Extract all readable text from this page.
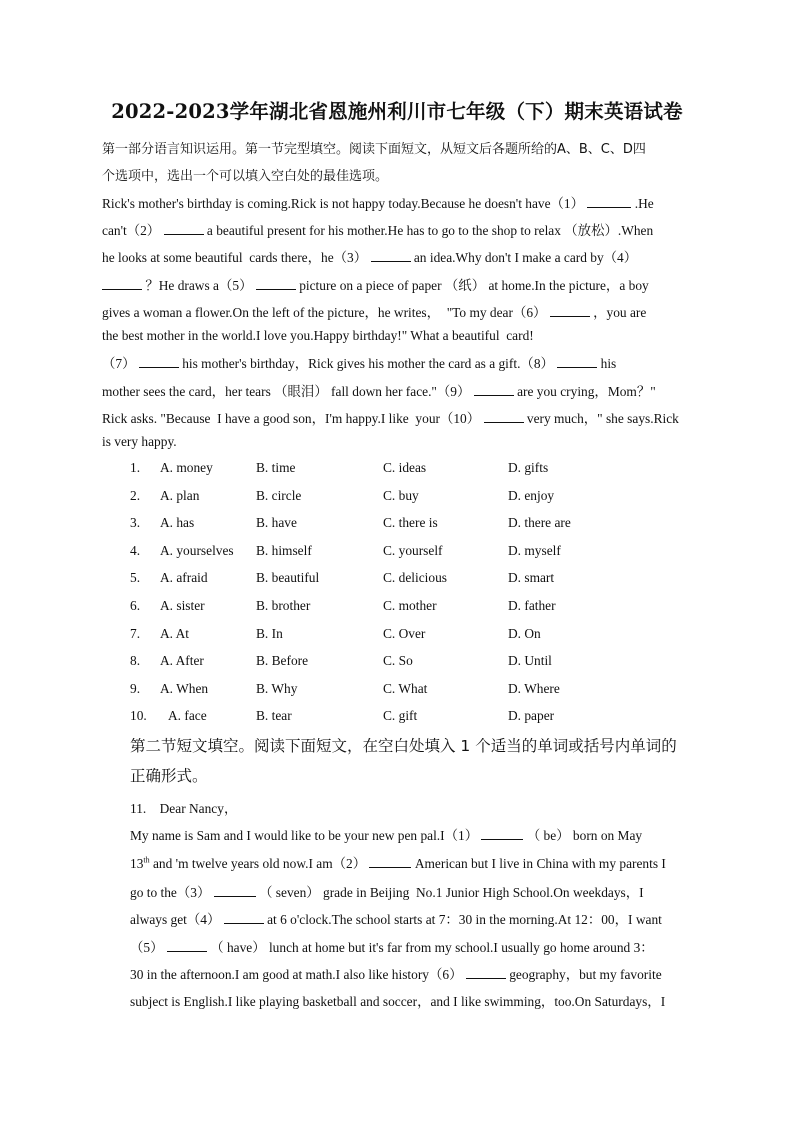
2022-2023学年湖北省恩施州利川市七年级（下）期末英语试卷
第一部分语言知识运用。第一节完型填空。阅读下面短文，从短文后各题所给的A、B、C、D四
个选项中，选出一个可以填入空白处的最佳选项。
Rick's mother's birthday is coming.Rick is not happy today.Because he doesn't have（1）	.He
can't（2）	a beautiful present for his mother.He has to go to the shop to relax （放松）.When
he looks at some beautiful  cards there，he（3）	an idea.Why don't I make a card by（4）
？He draws a（5）	picture on a piece of paper （纸） at home.In the picture，a boy
gives a woman a flower.On the left of the picture，he writes，  "To my dear（6）	，you are
the best mother in the world.I love you.Happy birthday!" What a beautiful  card!
（7）	his mother's birthday，Rick gives his mother the card as a gift.（8）	his
mother sees the card，her tears （眼泪） fall down her face."（9）	are you crying，Mom？"
Rick asks. "Because  I have a good son，I'm happy.I like  your（10）	very much，" she says.Rick
is very happy.
1. A. money	B. time	C. ideas	D. gifts
2. A. plan	B. circle	C. buy	D. enjoy
3. A. has	B. have	C. there is	D. there are
4. A. yourselves B. himself	C. yourself	D. myself
5. A. afraid	B. beautiful	C. delicious	D. smart
6. A. sister	B. brother	C. mother	D. father
7. A. At	B. In	C. Over	D. On
8. A. After	B. Before	C. So	D. Until
9. A. When	B. Why	C. What	D. Where
10. A. face	B. tear	C. gift	D. paper
第二节短文填空。阅读下面短文，在空白处填入 1 个适当的单词或括号内单词的
正确形式。
11.    Dear Nancy，
My name is Sam and I would like to be your new pen pal.I（1）	（ be） born on May
13th and 'm twelve years old now.I am（2）	American but I live in China with my parents I
go to the（3）	（ seven） grade in Beijing  No.1 Junior High School.On weekdays，I
always get（4）	at 6 o'clock.The school starts at 7：30 in the morning.At 12：00，I want
（5）	（ have） lunch at home but it's far from my school.I usually go home around 3：
30 in the afternoon.I am good at math.I also like history（6）	geography，but my favorite
subject is English.I like playing basketball and soccer，and I like swimming，too.On Saturdays，I
